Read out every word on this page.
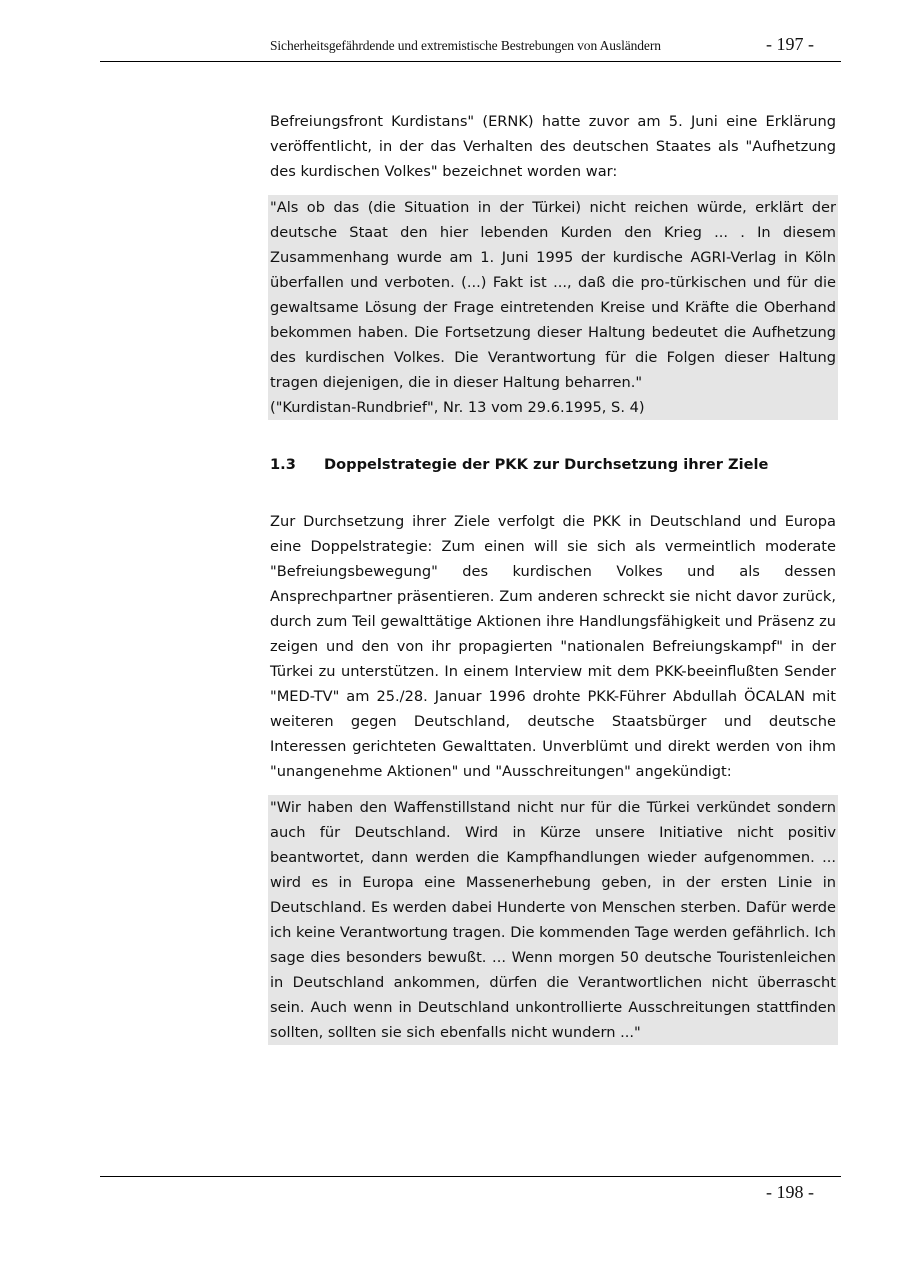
Sicherheitsgefährdende und extremistische Bestrebungen von Ausländern	- 197 -

Befreiungsfront Kurdistans" (ERNK) hatte zuvor am 5. Juni eine Erklärung veröffentlicht, in der das Verhalten des deutschen Staates als "Aufhetzung des kurdischen Volkes" bezeichnet worden war:

"Als ob das (die Situation in der Türkei) nicht reichen würde, erklärt der deutsche Staat den hier lebenden Kurden den Krieg ... . In diesem Zusammenhang wurde am 1. Juni 1995 der kurdische AGRI-Verlag in Köln überfallen und verboten. (...) Fakt ist ..., daß die pro-türkischen und für die gewaltsame Lösung der Frage eintretenden Kreise und Kräfte die Oberhand bekommen haben. Die Fortsetzung dieser Haltung bedeutet die Aufhetzung des kurdischen Volkes. Die Verantwortung für die Folgen dieser Haltung tragen diejenigen, die in dieser Haltung beharren."
("Kurdistan-Rundbrief", Nr. 13 vom 29.6.1995, S. 4)
1.3	Doppelstrategie der PKK zur Durchsetzung ihrer Ziele

Zur Durchsetzung ihrer Ziele verfolgt die PKK in Deutschland und Europa eine Doppelstrategie: Zum einen will sie sich als vermeintlich moderate "Befreiungsbewegung" des kurdischen Volkes und als dessen Ansprechpartner präsentieren. Zum anderen schreckt sie nicht davor zurück, durch zum Teil gewalttätige Aktionen ihre Handlungsfähigkeit und Präsenz zu zeigen und den von ihr propagierten "nationalen Befreiungskampf" in der Türkei zu unterstützen. In einem Interview mit dem PKK-beeinflußten Sender "MED-TV" am 25./28. Januar 1996 drohte PKK-Führer Abdullah ÖCALAN mit weiteren gegen Deutschland, deutsche Staatsbürger und deutsche Interessen gerichteten Gewalttaten. Unverblümt und direkt werden von ihm "unangenehme Aktionen" und "Ausschreitungen" angekündigt:

"Wir haben den Waffenstillstand nicht nur für die Türkei verkündet sondern auch für Deutschland. Wird in Kürze unsere Initiative nicht positiv beantwortet, dann werden die Kampfhandlungen wieder aufgenommen. ... wird es in Europa eine Massenerhebung geben, in der ersten Linie in Deutschland. Es werden dabei Hunderte von Menschen sterben. Dafür werde ich keine Verantwortung tragen. Die kommenden Tage werden gefährlich. Ich sage dies besonders bewußt. ... Wenn morgen 50 deutsche Touristenleichen in Deutschland ankommen, dürfen die Verantwortlichen nicht überrascht sein. Auch wenn in Deutschland unkontrollierte Ausschreitungen stattfinden sollten, sollten sie sich ebenfalls nicht wundern ..."
- 198 -
